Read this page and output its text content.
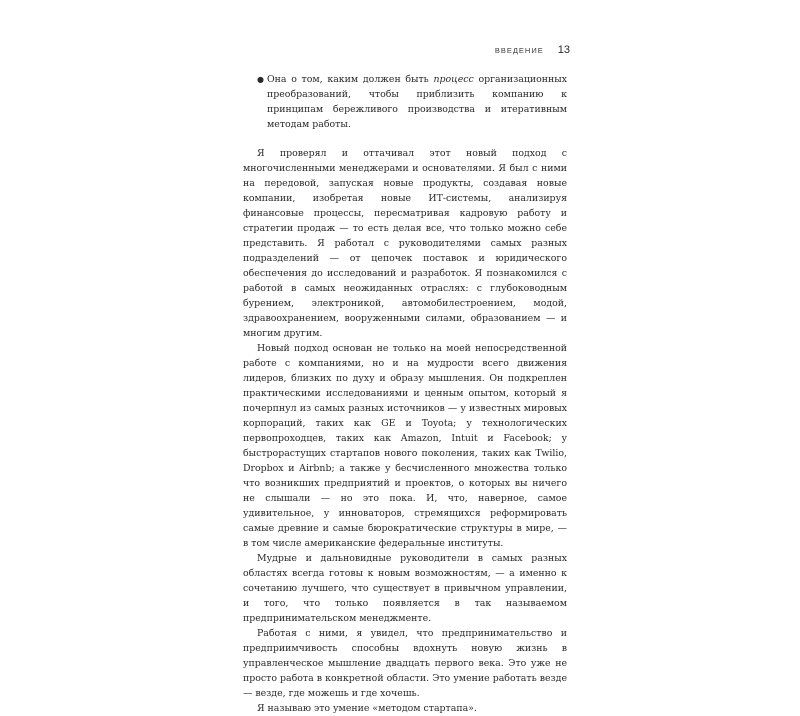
ВВЕДЕНИЕ 13
● Она о том, каким должен быть процесс организационных преобразований, чтобы приблизить компанию к принципам бережливого производства и итеративным методам работы.

Я проверял и оттачивал этот новый подход с многочисленными менеджерами и основателями. Я был с ними на передовой, запуская новые продукты, создавая новые компании, изобретая новые ИТ-системы, анализируя финансовые процессы, пересматривая кадровую работу и стратегии продаж — то есть делая все, что только можно себе представить. Я работал с руководителями самых разных подразделений — от цепочек поставок и юридического обеспечения до исследований и разработок. Я познакомился с работой в самых неожиданных отраслях: с глубоководным бурением, электроникой, автомобилестроением, модой, здравоохранением, вооруженными силами, образованием — и многим другим.

Новый подход основан не только на моей непосредственной работе с компаниями, но и на мудрости всего движения лидеров, близких по духу и образу мышления. Он подкреплен практическими исследованиями и ценным опытом, который я почерпнул из самых разных источников — у известных мировых корпораций, таких как GE и Toyota; у технологических первопроходцев, таких как Amazon, Intuit и Facebook; у быстрорастущих стартапов нового поколения, таких как Twilio, Dropbox и Airbnb; а также у бесчисленного множества только что возникших предприятий и проектов, о которых вы ничего не слышали — но это пока. И, что, наверное, самое удивительное, у инноваторов, стремящихся реформировать самые древние и самые бюрократические структуры в мире, — в том числе американские федеральные институты.

Мудрые и дальновидные руководители в самых разных областях всегда готовы к новым возможностям, — а именно к сочетанию лучшего, что существует в привычном управлении, и того, что только появляется в так называемом предпринимательском менеджменте.

Работая с ними, я увидел, что предпринимательство и предприимчивость способны вдохнуть новую жизнь в управленческое мышление двадцать первого века. Это уже не просто работа в конкретной области. Это умение работать везде — везде, где можешь и где хочешь.

Я называю это умение «методом стартапа».
